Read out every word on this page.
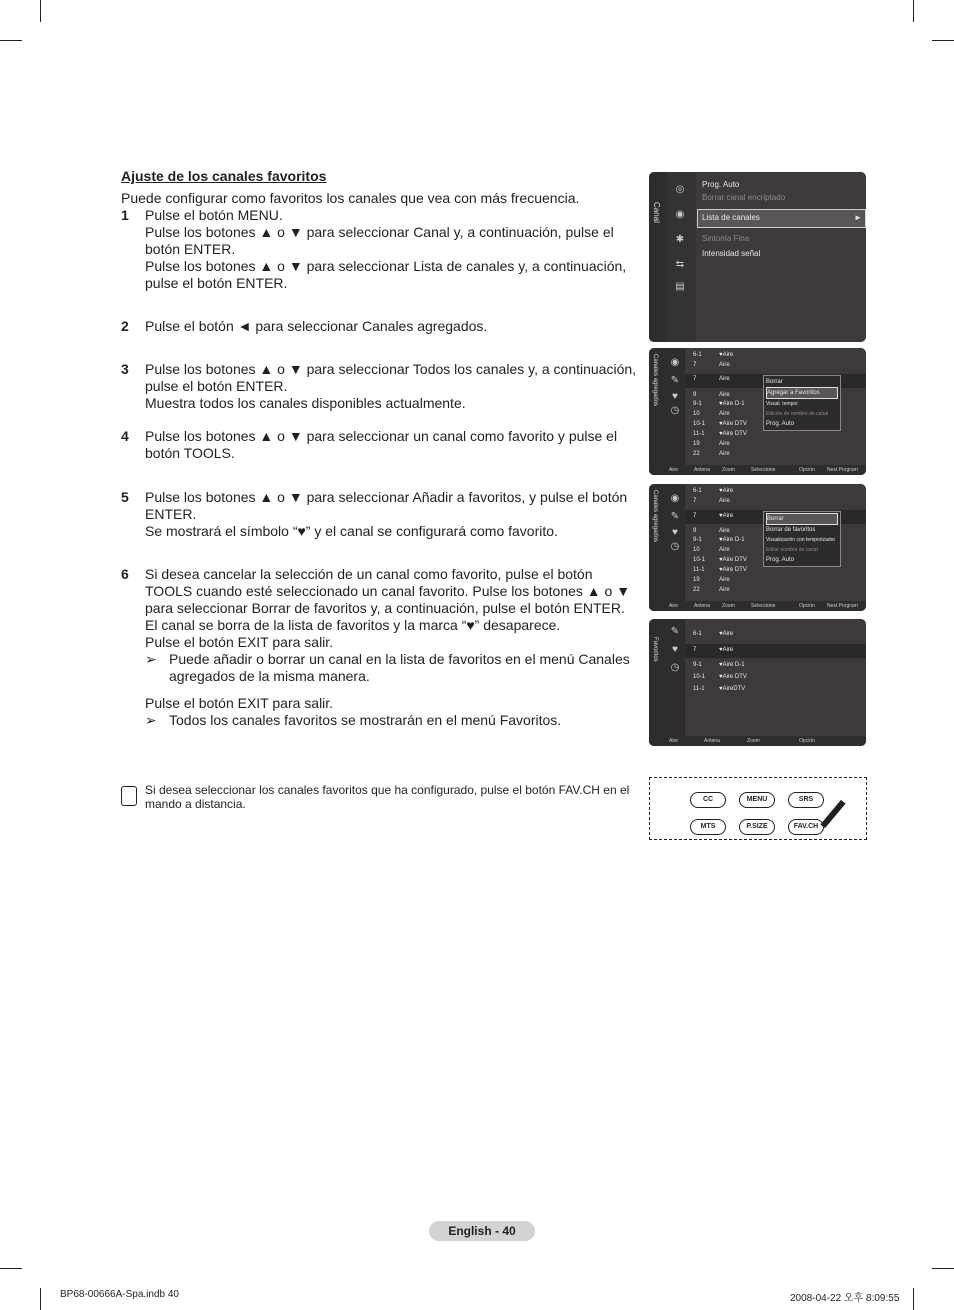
Ajuste de los canales favoritos

Puede configurar como favoritos los canales que vea con más frecuencia.

1 Pulse el botón MENU.

Pulse los botones ▲ o ▼ para seleccionar Canal y, a continuación, pulse el botón ENTER.

Pulse los botones ▲ o ▼ para seleccionar Lista de canales y, a continuación, pulse el botón ENTER.

2 Pulse el botón ◄ para seleccionar Canales agregados.

3 Pulse los botones ▲ o ▼ para seleccionar Todos los canales y, a continuación, pulse el botón ENTER.

Muestra todos los canales disponibles actualmente.

4 Pulse los botones ▲ o ▼ para seleccionar un canal como favorito y pulse el botón TOOLS.

5 Pulse los botones ▲ o ▼ para seleccionar Añadir a favoritos, y pulse el botón ENTER.

Se mostrará el símbolo “♥” y el canal se configurará como favorito.

6 Si desea cancelar la selección de un canal como favorito, pulse el botón TOOLS cuando esté seleccionado un canal favorito. Pulse los botones ▲ o ▼ para seleccionar Borrar de favoritos y, a continuación, pulse el botón ENTER. El canal se borra de la lista de favoritos y la marca “♥” desaparece.

Pulse el botón EXIT para salir.

➢ Puede añadir o borrar un canal en la lista de favoritos en el menú Canales agregados de la misma manera.

Pulse el botón EXIT para salir.

➢ Todos los canales favoritos se mostrarán en el menú Favoritos.

Si desea seleccionar los canales favoritos que ha configurado, pulse el botón FAV.CH en el mando a distancia.

Canal
◎
◉
✱
⇆
▤
Prog. Auto
Borrar canal encriptado
Lista de canales	►
Sintonía Fina
Intensidad señal
Canales agregados ◉
✎
♥
◷
6-1	♥Aire
7	Aire
7	Aire
9	Aire
9-1	♥Aire D-1
10	Aire
10-1 ♥Aire DTV
11-1 ♥Aire DTV
19	Aire
22	Aire
Borrar
Agregar a Favoritos
Visual. tempor.
Edición de nombre de canal
Prog. Auto
Aire	Antena Zoom	Seleccione	Opción Next Program
Canales agregados ◉
✎
♥
◷
6-1	♥Aire
7	Aire
7	♥Aire
9	Aire
9-1	♥Aire D-1
10	Aire
10-1 ♥Aire DTV
11-1 ♥Aire DTV
19	Aire
22	Aire
Borrar
Borrar de favoritos
Visualización con temporizador
Editar nombre de canal
Prog. Auto
Aire	Antena Zoom	Seleccione	Opción Next Program
Favoritos
✎
♥
◷
6-1	♥Aire
7	♥Aire
9-1	♥Aire D-1
10-1 ♥Aire DTV
11-1 ♥AireDTV
Aire	Antena	Zoom	Opción
CC	MENU	SRS
MTS	P.SIZE	FAV.CH
English - 40
BP68-00666A-Spa.indb 40	2008-04-22 오후 8:09:55
